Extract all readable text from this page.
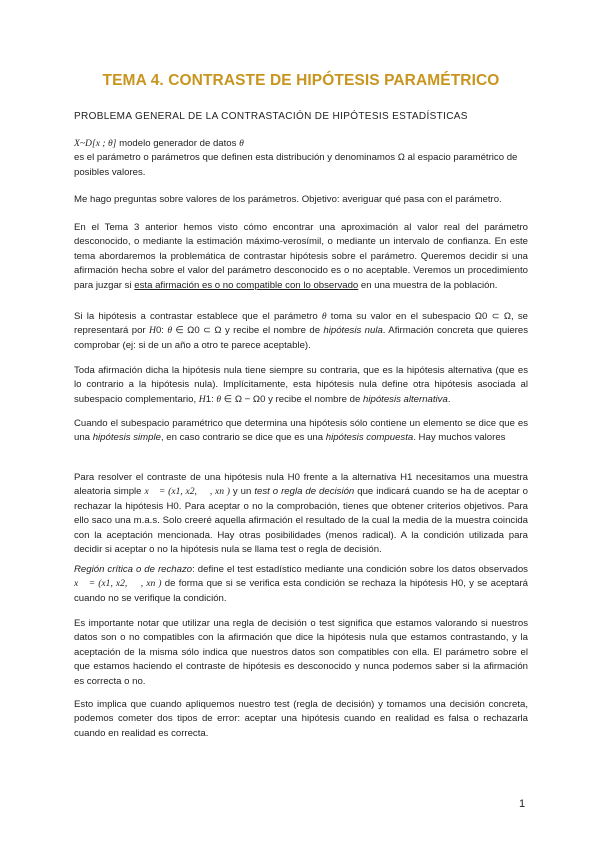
TEMA 4. CONTRASTE DE HIPÓTESIS PARAMÉTRICO

PROBLEMA GENERAL DE LA CONTRASTACIÓN DE HIPÓTESIS ESTADÍSTICAS

X~D[x ; θ] modelo generador de datos θ
es el parámetro o parámetros que definen esta distribución y denominamos Ω al espacio paramétrico de posibles valores.

Me hago preguntas sobre valores de los parámetros. Objetivo: averiguar qué pasa con el parámetro.

En el Tema 3 anterior hemos visto cómo encontrar una aproximación al valor real del parámetro desconocido, o mediante la estimación máximo-verosímil, o mediante un intervalo de confianza. En este tema abordaremos la problemática de contrastar hipótesis sobre el parámetro. Queremos decidir si una afirmación hecha sobre el valor del parámetro desconocido es o no aceptable. Veremos un procedimiento para juzgar si esta afirmación es o no compatible con lo observado en una muestra de la población.

Si la hipótesis a contrastar establece que el parámetro θ toma su valor en el subespacio Ω0 ⊂ Ω, se representará por H0: θ ∈ Ω0 ⊂ Ω y recibe el nombre de hipótesis nula. Afirmación concreta que quieres comprobar (ej: si de un año a otro te parece aceptable).

Toda afirmación dicha la hipótesis nula tiene siempre su contraria, que es la hipótesis alternativa (que es lo contrario a la hipótesis nula). Implícitamente, esta hipótesis nula define otra hipótesis asociada al subespacio complementario, H1: θ ∈ Ω − Ω0 y recibe el nombre de hipótesis alternativa.

Cuando el subespacio paramétrico que determina una hipótesis sólo contiene un elemento se dice que es una hipótesis simple, en caso contrario se dice que es una hipótesis compuesta. Hay muchos valores

Para resolver el contraste de una hipótesis nula H0 frente a la alternativa H1 necesitamos una muestra aleatoria simple x⃗ = (x1, x2, ⋯ , xn ) y un test o regla de decisión que indicará cuando se ha de aceptar o rechazar la hipótesis H0. Para aceptar o no la comprobación, tienes que obtener criterios objetivos. Para ello saco una m.a.s. Solo creeré aquella afirmación el resultado de la cual la media de la muestra coincida con la aceptación mencionada. Hay otras posibilidades (menos radical). A la condición utilizada para decidir si aceptar o no la hipótesis nula se llama test o regla de decisión.

Región crítica o de rechazo: define el test estadístico mediante una condición sobre los datos observados x⃗ = (x1, x2, ⋯ , xn ) de forma que si se verifica esta condición se rechaza la hipótesis H0, y se aceptará cuando no se verifique la condición.

Es importante notar que utilizar una regla de decisión o test significa que estamos valorando si nuestros datos son o no compatibles con la afirmación que dice la hipótesis nula que estamos contrastando, y la aceptación de la misma sólo indica que nuestros datos son compatibles con ella. El parámetro sobre el que estamos haciendo el contraste de hipótesis es desconocido y nunca podemos saber si la afirmación es correcta o no.

Esto implica que cuando apliquemos nuestro test (regla de decisión) y tomamos una decisión concreta, podemos cometer dos tipos de error: aceptar una hipótesis cuando en realidad es falsa o rechazarla cuando en realidad es correcta.

1
